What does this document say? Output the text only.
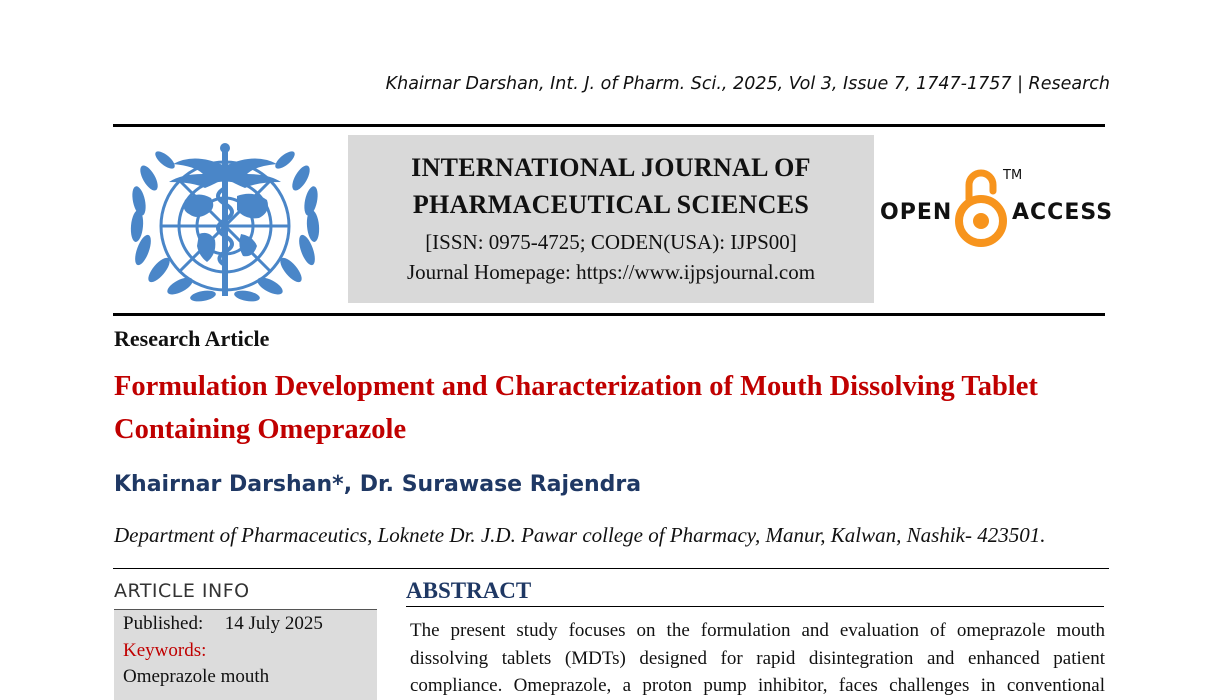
Khairnar Darshan, Int. J. of Pharm. Sci., 2025, Vol 3, Issue 7, 1747-1757 | Research
INTERNATIONAL JOURNAL OF
PHARMACEUTICAL SCIENCES
[ISSN: 0975-4725; CODEN(USA): IJPS00]
Journal Homepage: https://www.ijpsjournal.com
OPEN
TM
ACCESS
Research Article
Formulation Development and Characterization of Mouth Dissolving Tablet Containing Omeprazole
Khairnar Darshan*, Dr. Surawase Rajendra
Department of Pharmaceutics, Loknete Dr. J.D. Pawar college of Pharmacy, Manur, Kalwan, Nashik- 423501.
ARTICLE INFO
Published: 14 July 2025
Keywords:
Omeprazole mouth
ABSTRACT
The present study focuses on the formulation and evaluation of omeprazole mouth
dissolving tablets (MDTs) designed for rapid disintegration and enhanced patient
compliance. Omeprazole, a proton pump inhibitor, faces challenges in conventional
